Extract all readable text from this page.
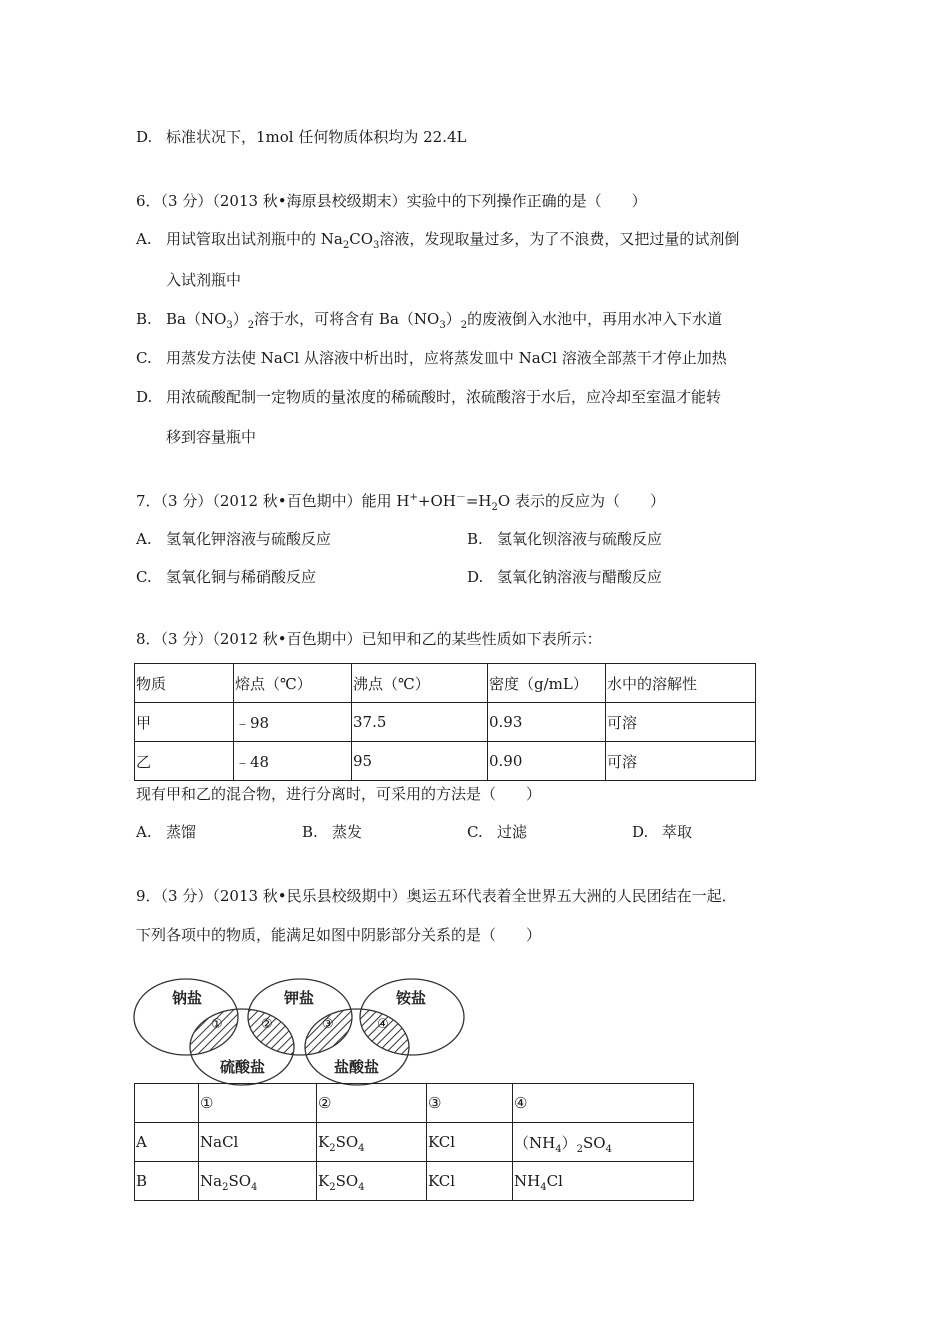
D. 标准状况下，1mol 任何物质体积均为 22.4L
6．（3 分）（2013 秋•海原县校级期末）实验中的下列操作正确的是（　　）
A. 用试管取出试剂瓶中的 $Na_2CO_3$溶液，发现取量过多，为了不浪费，又把过量的试剂倒
入试剂瓶中
B. $Ba(NO_3)_2$溶于水，可将含有 $Ba(NO_3)_2$的废液倒入水池中，再用水冲入下水道
C. 用蒸发方法使 NaCl 从溶液中析出时，应将蒸发皿中 NaCl 溶液全部蒸干才停止加热
D. 用浓硫酸配制一定物质的量浓度的稀硫酸时，浓硫酸溶于水后，应冷却至室温才能转
移到容量瓶中
7．（3 分）（2012 秋•百色期中）能用 $H^++OH^-=H_2O$ 表示的反应为（　　）
A. 氢氧化钾溶液与硫酸反应	B. 氢氧化钡溶液与硫酸反应
C. 氢氧化铜与稀硝酸反应	D. 氢氧化钠溶液与醋酸反应
8．（3 分）（2012 秋•百色期中）已知甲和乙的某些性质如下表所示：
物质	熔点（℃）	沸点（℃）	密度（g/mL）	水中的溶解性
甲	﹣98	37.5	0.93	可溶
乙	﹣48	95	0.90	可溶
现有甲和乙的混合物，进行分离时，可采用的方法是（　　）
A. 蒸馏	B. 蒸发	C. 过滤	D. 萃取
9．（3 分）（2013 秋•民乐县校级期中）奥运五环代表着全世界五大洲的人民团结在一起．
下列各项中的物质，能满足如图中阴影部分关系的是（　　）
钠盐	钾盐	铵盐
硫酸盐	盐酸盐
①	②	③	④
	①	②	③	④
A	NaCl	$K_2SO_4$	KCl	$(NH_4)_2SO_4$
B	$Na_2SO_4$	$K_2SO_4$	KCl	$NH_4Cl$
